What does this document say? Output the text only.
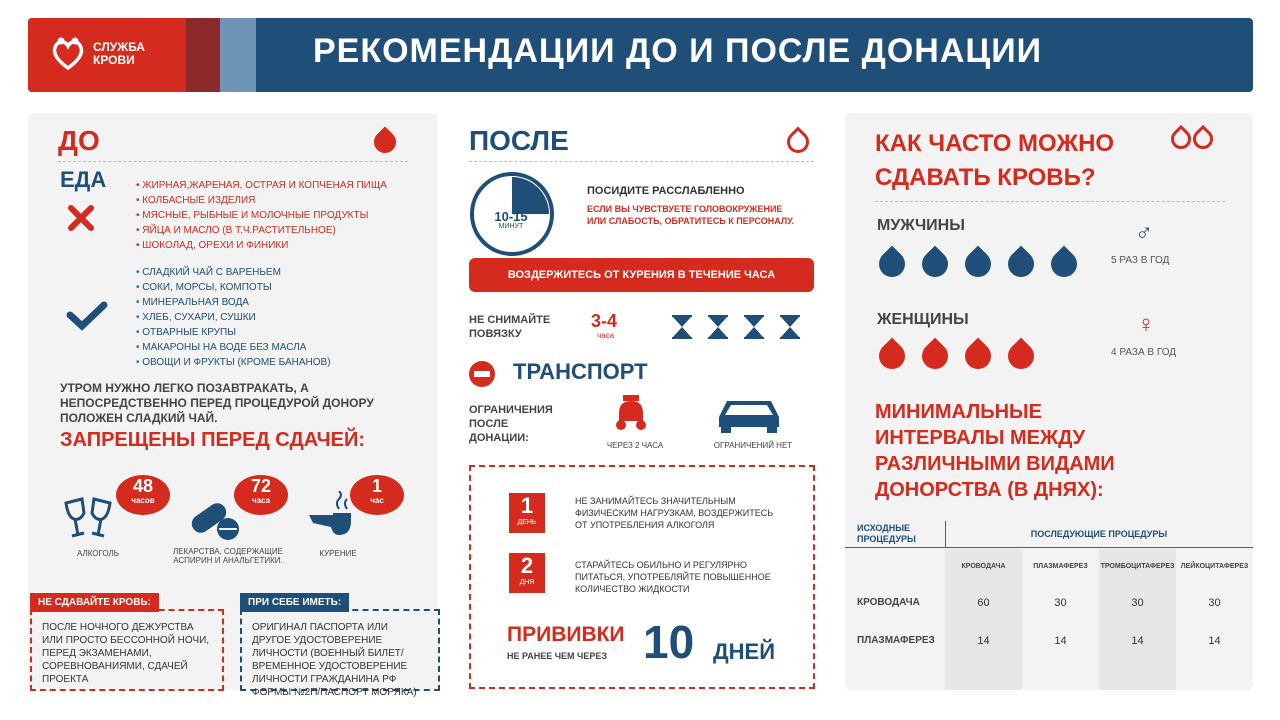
СЛУЖБА
КРОВИ	РЕКОМЕНДАЦИИ ДО И ПОСЛЕ ДОНАЦИИ
ДО
ЕДА
•	ЖИРНАЯ,ЖАРЕНАЯ, ОСТРАЯ И КОПЧЕНАЯ ПИЩА
• КОЛБАСНЫЕ ИЗДЕЛИЯ
• МЯСНЫЕ, РЫБНЫЕ И МОЛОЧНЫЕ ПРОДУКТЫ
• ЯЙЦА И МАСЛО (В Т.Ч.РАСТИТЕЛЬНОЕ)
• ШОКОЛАД, ОРЕХИ И ФИНИКИ
• СЛАДКИЙ ЧАЙ С ВАРЕНЬЕМ
• СОКИ, МОРСЫ, КОМПОТЫ
• МИНЕРАЛЬНАЯ ВОДА
• ХЛЕБ, СУХАРИ, СУШКИ
• ОТВАРНЫЕ КРУПЫ
• МАКАРОНЫ НА ВОДЕ БЕЗ МАСЛА
• ОВОЩИ И ФРУКТЫ (КРОМЕ БАНАНОВ)
УТРОМ НУЖНО ЛЕГКО ПОЗАВТРАКАТЬ, А НЕПОСРЕДСТВЕННО ПЕРЕД ПРОЦЕДУРОЙ ДОНОРУ ПОЛОЖЕН СЛАДКИЙ ЧАЙ.
ЗАПРЕЩЕНЫ ПЕРЕД СДАЧЕЙ:
48
часов
АЛКОГОЛЬ
72
часа
ЛЕКАРСТВА, СОДЕРЖАЩИЕ АСПИРИН И АНАЛЬГЕТИКИ.
1
час
КУРЕНИЕ
НЕ СДАВАЙТЕ КРОВЬ:
ПОСЛЕ НОЧНОГО ДЕЖУРСТВА ИЛИ ПРОСТО БЕССОННОЙ НОЧИ, ПЕРЕД ЭКЗАМЕНАМИ, СОРЕВНОВАНИЯМИ, СДАЧЕЙ ПРОЕКТА
ПРИ СЕБЕ ИМЕТЬ:
ОРИГИНАЛ ПАСПОРТА ИЛИ ДРУГОЕ УДОСТОВЕРЕНИЕ ЛИЧНОСТИ (ВОЕННЫЙ БИЛЕТ/ ВРЕМЕННОЕ УДОСТОВЕРЕНИЕ ЛИЧНОСТИ ГРАЖДАНИНА РФ ФОРМЫ №2П/ПАСПОРТ МОРЯКА)
ПОСЛЕ
10-15
МИНУТ
ПОСИДИТЕ РАССЛАБЛЕННО
ЕСЛИ ВЫ ЧУВСТВУЕТЕ ГОЛОВОКРУЖЕНИЕ ИЛИ СЛАБОСТЬ, ОБРАТИТЕСЬ К ПЕРСОНАЛУ.
ВОЗДЕРЖИТЕСЬ ОТ КУРЕНИЯ В ТЕЧЕНИЕ ЧАСА
НЕ СНИМАЙТЕ ПОВЯЗКУ
3-4
часа
ТРАНСПОРТ
ОГРАНИЧЕНИЯ ПОСЛЕ ДОНАЦИИ:
ЧЕРЕЗ 2 ЧАСА	ОГРАНИЧЕНИЙ НЕТ
1
ДЕНЬ
НЕ ЗАНИМАЙТЕСЬ ЗНАЧИТЕЛЬНЫМ ФИЗИЧЕСКИМ НАГРУЗКАМ, ВОЗДЕРЖИТЕСЬ ОТ УПОТРЕБЛЕНИЯ АЛКОГОЛЯ
2
ДНЯ
СТАРАЙТЕСЬ ОБИЛЬНО И РЕГУЛЯРНО ПИТАТЬСЯ, УПОТРЕБЛЯЙТЕ ПОВЫШЕННОЕ КОЛИЧЕСТВО ЖИДКОСТИ
ПРИВИВКИ
НЕ РАНЕЕ ЧЕМ ЧЕРЕЗ 10 ДНЕЙ
КАК ЧАСТО МОЖНО
СДАВАТЬ КРОВЬ?
МУЖЧИНЫ	♂
5 РАЗ В ГОД
ЖЕНЩИНЫ	♀
4 РАЗА В ГОД
МИНИМАЛЬНЫЕ
ИНТЕРВАЛЫ МЕЖДУ
РАЗЛИЧНЫМИ ВИДАМИ
ДОНОРСТВА (В ДНЯХ):
ИСХОДНЫЕ ПРОЦЕДУРЫ	ПОСЛЕДУЮЩИЕ ПРОЦЕДУРЫ
КРОВОДАЧА	ПЛАЗМАФЕРЕЗ	ТРОМБОЦИТАФЕРЕЗ ЛЕЙКОЦИТАФЕРЕЗ
КРОВОДАЧА	60	30	30	30
ПЛАЗМАФЕРЕЗ	14	14	14	14
